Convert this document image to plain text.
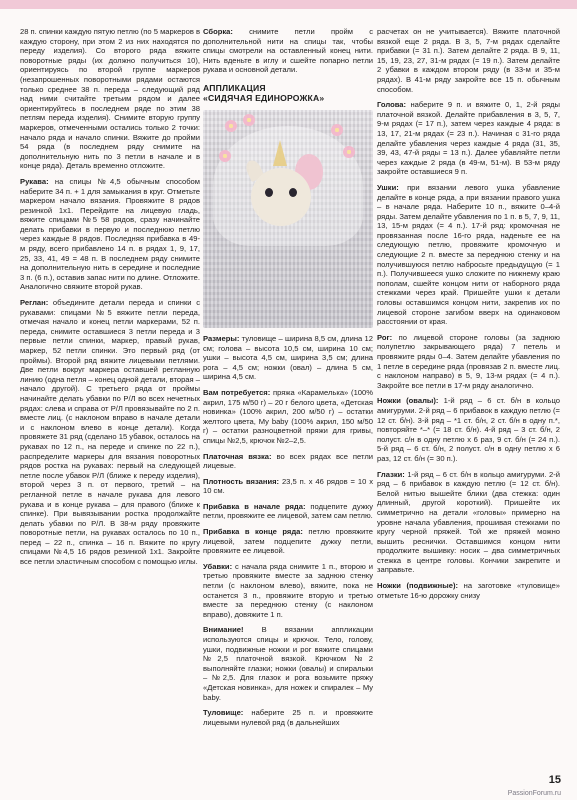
28 п. спинки каждую пятую петлю (по 5 маркеров в каждую сторону, при этом 2 из них находятся по переду изделия). Со второго ряда вяжите поворотные ряды (их должно получиться 10), ориентируясь по второй группе маркеров (незапрошенных поворотными рядами остаются только среднее 38 п. переда – следующий ряд над ними считайте третьим рядом и далее ориентируйтесь в последнем ряде по этим 38 петлям переда изделия). Снимите вторую группу маркеров, отмеченными остались только 2 точки: начало ряда и начало спинки. Вяжите до пройми 54 ряда (в последнем ряду снимите на дополнительную нить по 3 петли в начале и в конце ряда). Деталь временно отложите.

Рукава: на спицы №4,5 обычным способом наберите 34 п. + 1 для замыкания в круг. Отметьте маркером начало вязания. Провяжите 8 рядов резинкой 1х1. Перейдите на лицевую гладь, вяжите спицами №5 58 рядов, сразу начинайте делать прибавки в первую и последнюю петлю через каждые 8 рядов. Последняя прибавка в 49-м ряду, всего прибавлено 14 п. в рядах 1, 9, 17, 25, 33, 41, 49 = 48 п. В последнем ряду снимите на дополнительную нить в середине и последние 3 п. (6 п.), оставив запас нити по длине. Отложите. Аналогично свяжите второй рукав.

Реглан: объедините детали переда и спинки с рукавами: спицами №5 вяжите петли переда, отмечая начало и конец петли маркерами, 52 п. переда, снимите оставшиеся 3 петли переда и 3 первые петли спинки, маркер, правый рукав, маркер, 52 петли спинки. Это первый ряд (от проймы). Второй ряд вяжите лицевыми петлями. Две петли вокруг маркера оставшей регланную линию (одна петля – конец одной детали, вторая – начало другой). С третьего ряда от проймы начинайте делать убавки по Р/Л во всех нечетных рядах: слева и справа от Р/Л провязывайте по 2 п. вместе лиц. (с наклоном вправо в начале детали и с наклоном влево в конце детали). Когда провяжете 31 ряд (сделано 15 убавок, осталось на рукавах по 12 п., на переде и спинке по 22 п.), распределите маркеры для вязания поворотных рядов ростка на рукавах: первый на следующей петле после убавок Р/Л (ближе к переду изделия), второй через 3 п. от первого, третий – на регланной петле в начале рукава для левого рукава и в конце рукава – для правого (ближе к спинке). При вывязывании ростка продолжайте делать убавки по Р/Л. В 38-м ряду провяжите поворотные петли, на рукавах осталось по 10 п., перед – 22 п., спинка – 16 п. Вяжите по кругу спицами №4,5 16 рядов резинкой 1х1. Закройте все петли эластичным способом с помощью иглы.

Сборка: снимите петли пройм с дополнительной нити на спицы так, чтобы спицы смотрели на оставленный конец нити. Нить вденьте в иглу и сшейте попарно петли рукава и основной детали.

АППЛИКАЦИЯ
«СИДЯЧАЯ ЕДИНОРОЖКА»

Размеры: туловище – ширина 8,5 см, длина 12 см; голова – высота 10,5 см, ширина 10 см; ушки – высота 4,5 см, ширина 3,5 см; длина рога – 4,5 см; ножки (овал) – длина 5 см, ширина 4,5 см.

Вам потребуется: пряжа «Карамелька» (100% акрил, 175 м/50 г) – 20 г белого цвета, «Детская новинка» (100% акрил, 200 м/50 г) – остатки желтого цвета, My baby (100% акрил, 150 м/50 г) – остатки разноцветной пряжи для гривы, спицы №2,5, крючок №2–2,5.

Платочная вязка: во всех рядах все петли лицевые.

Плотность вязания: 23,5 п. х 46 рядов = 10 х 10 см.

Прибавка в начале ряда: подцепите дужку петли, провяжите ее лицевой, затем сам петлю.

Прибавка в конце ряда: петлю провяжите лицевой, затем подцепите дужку петли, провяжите ее лицевой.

Убавки: с начала ряда снимите 1 п., второю и третью провяжите вместе за заднюю стенку петли (с наклоном влево), вяжите, пока не останется 3 п., провяжите вторую и третью вместе за переднюю стенку (с наклоном вправо), довяжите 1 п.

Внимание! В вязании аппликации используются спицы и крючок. Тело, голову, ушки, подвижные ножки и рог вяжите спицами №2,5 платочной вязкой. Крючком №2 выполняйте глазки; ножки (овалы) и спиральки – №2,5. Для глазок и рога возьмите пряжу «Детская новинка», для ножек и спиралек – My baby.

Туловище: наберите 25 п. и провяжите лицевыми нулевой ряд (в дальнейших

расчетах он не учитывается). Вяжите платочной вязкой еще 2 ряда. В 3, 5, 7-м рядах сделайте прибавки (= 31 п.). Затем делайте 2 ряда. В 9, 11, 15, 19, 23, 27, 31-м рядах (= 19 п.). Затем делайте 2 убавки в каждом втором ряду (в 33-м и 35-м рядах). В 41-м ряду закройте все 15 п. обычным способом.

Голова: наберите 9 п. и вяжите 0, 1, 2-й ряды платочной вязкой. Делайте прибавления в 3, 5, 7, 9-м рядах (= 17 п.), затем через каждые 4 ряда: в 13, 17, 21-м рядах (= 23 п.). Начиная с 31-го ряда делайте убавления через каждые 4 ряда (31, 35, 39, 43, 47-й ряды = 13 п.). Далее убавляйте петли через каждые 2 ряда (в 49-м, 51-м). В 53-м ряду закройте оставшиеся 9 п.

Ушки: при вязании левого ушка убавление делайте в конце ряда, а при вязании правого ушка – в начале ряда. Наберите 10 п., вяжите 0–4-й ряды. Затем делайте убавления по 1 п. в 5, 7, 9, 11, 13, 15-м рядах (= 4 п.). 17-й ряд: кромочная не провязанная после 16-го ряда, наденьте ее на следующую петлю, провяжите кромочную и следующие 2 п. вместе за переднюю стенку и на получившуюся петлю набросьте предыдущую (= 1 п.). Получившееся ушко сложите по нижнему краю пополам, сшейте концом нити от наборного ряда стежками через край. Пришейте ушки к детали головы оставшимся концом нити, закрепив их по лицевой стороне загибом вверх на одинаковом расстоянии от края.

Рог: по лицевой стороне головы (за заднюю полупетлю закрывающего ряда) 7 петель и провяжите ряды 0–4. Затем делайте убавления по 1 петле в середине ряда (провязав 2 п. вместе лиц. с наклоном направо) в 5, 9, 13-м рядах (= 4 п.). Закройте все петли в 17-м ряду аналогично.

Ножки (овалы): 1-й ряд – 6 ст. б/н в кольцо амигуруми. 2-й ряд – 6 прибавок в каждую петлю (= 12 ст. б/н). 3-й ряд – *1 ст. б/н, 2 ст. б/н в одну п.*, повторяйте *–* (= 18 ст. б/н). 4-й ряд – 3 ст. б/н, 2 полуст. с/н в одну петлю х 6 раз, 9 ст. б/н (= 24 п.). 5-й ряд – 6 ст. б/н, 2 полуст. с/н в одну петлю х 6 раз, 12 ст. б/н (= 30 п.).

Глазки: 1-й ряд – 6 ст. б/н в кольцо амигуруми. 2-й ряд – 6 прибавок в каждую петлю (= 12 ст. б/н). Белой нитью вышейте блики (два стежка: один длинный, другой короткий). Пришейте их симметрично на детали «головы» примерно на уровне начала убавления, прошивая стежками по кругу черной пряжей. Той же пряжей можно вышить реснички. Оставшимся концом нити продолжите вышивку: носик – два симметричных стежка в центре головы. Кончики закрепите и заправьте.

Ножки (подвижные): на заготовке «туловище» отметьте 16-ю дорожку снизу

15
PassionForum.ru
